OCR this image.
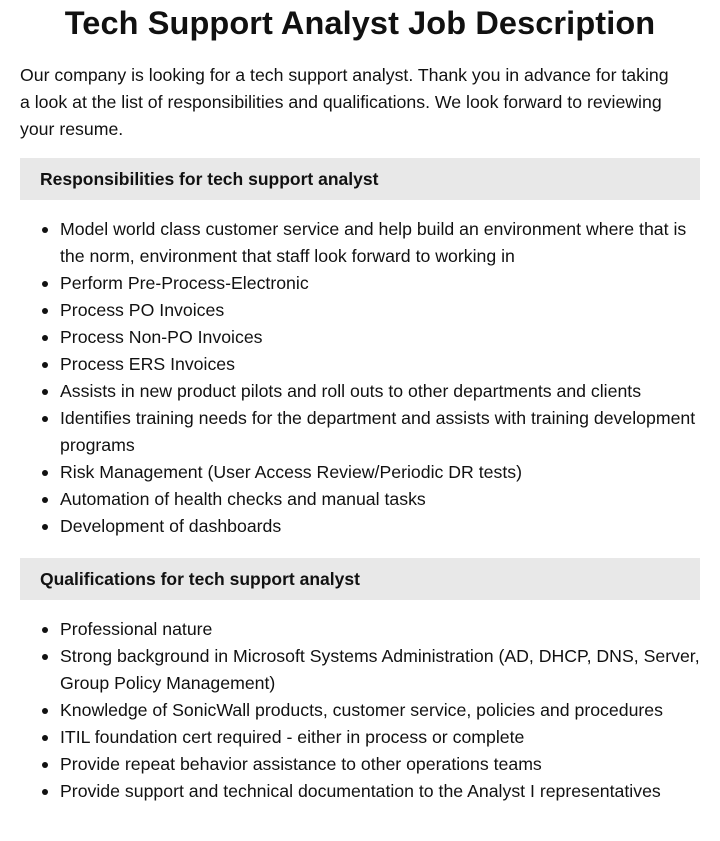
Tech Support Analyst Job Description

Our company is looking for a tech support analyst. Thank you in advance for taking a look at the list of responsibilities and qualifications. We look forward to reviewing your resume.

Responsibilities for tech support analyst
Model world class customer service and help build an environment where that is the norm, environment that staff look forward to working in
Perform Pre-Process-Electronic
Process PO Invoices
Process Non-PO Invoices
Process ERS Invoices
Assists in new product pilots and roll outs to other departments and clients
Identifies training needs for the department and assists with training development programs
Risk Management (User Access Review/Periodic DR tests)
Automation of health checks and manual tasks
Development of dashboards
Qualifications for tech support analyst
Professional nature
Strong background in Microsoft Systems Administration (AD, DHCP, DNS, Server, Group Policy Management)
Knowledge of SonicWall products, customer service, policies and procedures
ITIL foundation cert required - either in process or complete
Provide repeat behavior assistance to other operations teams
Provide support and technical documentation to the Analyst I representatives
